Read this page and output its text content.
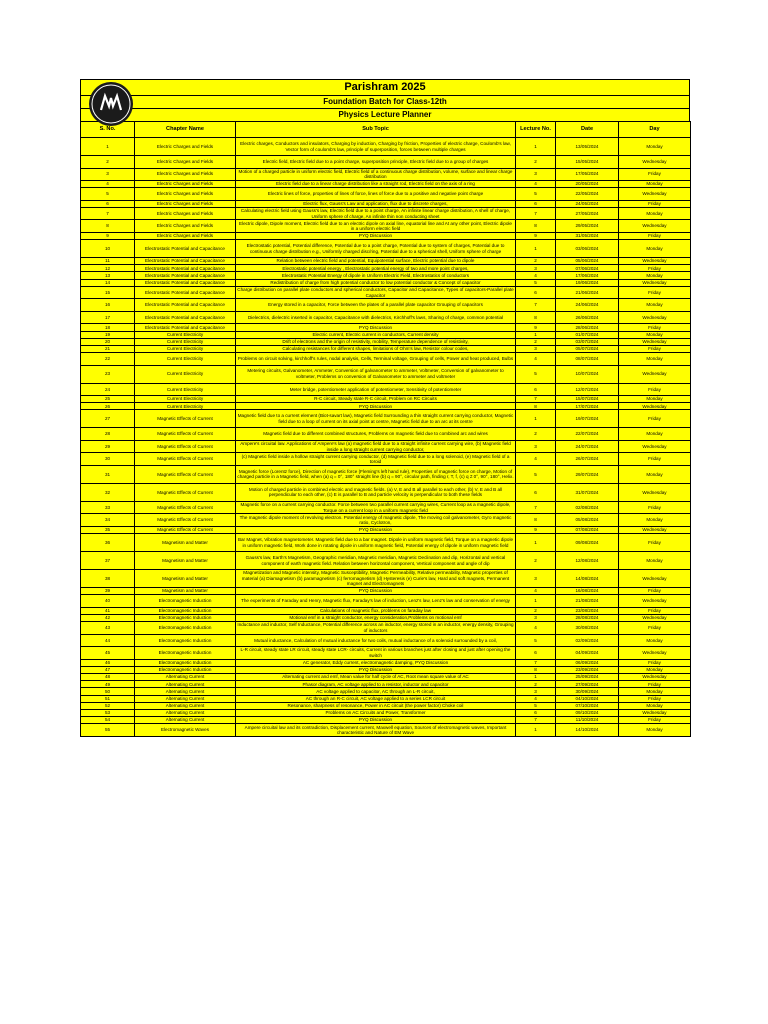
Parishram 2025
Foundation Batch for Class-12th
Physics Lecture Planner
S. No.	Chapter Name	Sub Topic	Lecture No.	Date	Day
1	Electric Charges and Fields	Electric charges, Conductors and insulators, Charging by induction, Charging by friction, Properties of electric charge, Coulomb's law, Vector form of coulomb's law, principle of superposition, forces between multiple charges	1	13/05/2024	Monday
2	Electric Charges and Fields	Electric field, Electric field due to a point charge, superposition principle, Electric field due to a group of charges	2	15/05/2024	Wednesday
3	Electric Charges and Fields	Motion of a charged particle in uniform electric field, Electric field of a continuous charge distribution, volume, surface and linear charge distribution	3	17/05/2024	Friday
4	Electric Charges and Fields	Electric field due to a linear charge distribution like a straight rod, Electric field on the axis of a ring	4	20/05/2024	Monday
5	Electric Charges and Fields	Electric lines of force, properties of lines of force, lines of force due to a positive and negative point charge	5	22/05/2024	Wednesday
6	Electric Charges and Fields	Electric flux, Gauss's Law and application, flux due to discrete charges,	6	24/05/2024	Friday
7	Electric Charges and Fields	Calculating electric field using Gauss's law, Electric field due to a point charge, An infinite linear charge distribution, A shell of charge, Uniform sphere of charge, An infinite thin non conducting sheet	7	27/05/2024	Monday
8	Electric Charges and Fields	Electric dipole, Dipole moment, Electric field due to an electric dipole on axial line, equatorial line and At any other point, Electric dipole in a uniform electric field	8	29/05/2024	Wednesday
9	Electric Charges and Fields	PYQ Discussion	9	31/05/2024	Friday
10	Electrostatic Potential and Capacitance	Electrostatic potential, Potential difference, Potential due to a point charge, Potential due to system of charges, Potential due to continuous charge distribution e.g., Uniformly charged disc/ring, Potential due to a spherical shell, Uniform sphere of charge	1	03/06/2024	Monday
11	Electrostatic Potential and Capacitance	Relation between electric field and potential, Equipotential surface, Electric potential due to dipole	2	05/06/2024	Wednesday
12	Electrostatic Potential and Capacitance	Electrostatic potential energy , Electrostatic potential energy of two and more point charges,	3	07/06/2024	Friday
13	Electrostatic Potential and Capacitance	Electrostatic Potential Energy of dipole in Uniform Electric Field, Electrostatics of conductors	4	17/06/2024	Monday
14	Electrostatic Potential and Capacitance	Redistribution of charge from high potential conductor to low potential conductor & Concept of capacitor	5	19/06/2024	Wednesday
15	Electrostatic Potential and Capacitance	Charge distribution on parallel plate conductors and spherical conductors, Capacitor and Capacitance, Types of capacitors-Parallel plate Capacitor	6	21/06/2024	Friday
16	Electrostatic Potential and Capacitance	Energy stored in a capacitor, Force between the plates of a parallel plate capacitor Grouping of capacitors	7	24/06/2024	Monday
17	Electrostatic Potential and Capacitance	Dielectrics, dielectric inserted in capacitor, Capacitance with dielectrics, Kirchhoff's laws, Sharing of charge, common potential	8	26/06/2024	Wednesday
18	Electrostatic Potential and Capacitance	PYQ Discussion	9	28/06/2024	Friday
19	Current Electricity	Electric current, Electric current in conductors, Current density	1	01/07/2024	Monday
20	Current Electricity	Drift of electrons and the origin of resistivity, mobility, Temperature dependence of resistivity,	2	03/07/2024	Wednesday
21	Current Electricity	Calculating resistances for different shapes, limitations of Ohm's law, Resistor colour codes,	3	05/07/2024	Friday
22	Current Electricity	Problems on circuit solving, kirchhoff's rules, nodal analysis, Cells, Terminal voltage, Grouping of cells, Power and heat produced, Bulbs	4	08/07/2024	Monday
23	Current Electricity	Metering circuits, Galvanometer, Ammeter, Conversion of galvanometer to ammeter, Voltmeter, Conversion of galvanometer to voltmeter, Problems on conversion of Galvanometer to ammeter and voltmeter	5	10/07/2024	Wednesday
24	Current Electricity	Meter bridge, potentiometer application of potentiometer, Sensitivity of potentiometer	6	12/07/2024	Friday
25	Current Electricity	R-C circuit, Steady state R-C circuit, Problem on RC Circuits	7	15/07/2024	Monday
26	Current Electricity	PYQ Discussion	8	17/07/2024	Wednesday
27	Magnetic Effects of Current	Magnetic field due to a current element (Biot-savart law), Magnetic field Surrounding a thin straight current carrying conductor, Magnetic field due to a loop of current on its axial point at centre, Magnetic field due to an arc at its centre	1	19/07/2024	Friday
28	Magnetic Effects of Current	Magnetic field due to different combined structures, Problems on magnetic field due to combined arc and wires	2	22/07/2024	Monday
29	Magnetic Effects of Current	Ampere's circuital law. Applications of Ampere's law (a) magnetic field due to a straight infinite current carrying wire, (b) Magnetic field inside a long straight current carrying conductor,	3	24/07/2024	Wednesday
30	Magnetic Effects of Current	(c) Magnetic field inside a hollow straight current carrying conductor, (d) Magnetic field due to a long solenoid, (e) Magnetic field of a toroid	4	26/07/2024	Friday
31	Magnetic Effects of Current	Magnetic force (Lorentz force), Direction of magnetic force (Fleming's left hand rule), Properties of magnetic force on charge, Motion of charged particle in a Magnetic field, when (a) q = 0°, 180° straight line (b) q = 90°, circular path, finding r, T, f, (c) q ≠ 0°, 90°, 180°, Helix.	5	29/07/2024	Monday
32	Magnetic Effects of Current	Motion of charged particle in combined electric and magnetic fields. (a) V, E and B all parallel to each other, (b) V, E and B all perpendicular to each other, (c) E is parallel to B and particle velocity is perpendicular to both these fields	6	31/07/2024	Wednesday
33	Magnetic Effects of Current	Magnetic force on a current carrying conductor. Force between two parallel current carrying wires, Current loop as a magnetic dipole, Torque on a current loop in a uniform magnetic field	7	02/08/2024	Friday
34	Magnetic Effects of Current	The magnetic dipole moment of revolving electron. Potential energy of magnetic dipole, The moving coil galvanometer, Gyro magnetic ratio, Cyclotron,	8	05/08/2024	Monday
35	Magnetic Effects of Current	PYQ Discussion	9	07/08/2024	Wednesday
36	Magnetism and Matter	Bar Magnet, Vibration magnetometer. Magnetic field due to a bar magnet. Dipole in uniform magnetic field, Torque on a magnetic dipole in uniform magnetic field, Work done in rotating dipole in uniform magnetic field, Potential energy of dipole in uniform magnetic field	1	09/08/2024	Friday
37	Magnetism and Matter	Gauss's law, Earth's Magnetism, Geographic meridian, Magnetic meridian, Magnetic Declination and dip, Horizontal and vertical component of earth magnetic field. Relation between horizontal component, Vertical component and angle of dip	2	12/08/2024	Monday
38	Magnetism and Matter	Magnetization and Magnetic intensity, Magnetic Susceptibility, Magnetic Permeability, Relative permeability, Magnetic properties of material (a) Diamagnetism (b) paramagnetism (c) ferromagnetism (d) Hysteresis (e) Curie's law, Hard and soft magnets, Permanent magnet and Electromagnets	3	14/08/2024	Wednesday
39	Magnetism and Matter	PYQ Discussion	4	16/08/2024	Friday
40	Electromagnetic Induction	The experiments of Faraday and Henry, Magnetic flux, Faraday's law of induction, Lenz's law, Lenz's law and conservation of energy	1	21/08/2024	Wednesday
41	Electromagnetic Induction	Calculations of magnetic flux, problems on faraday law	2	23/08/2024	Friday
42	Electromagnetic Induction	Motional emf in a straight conductor, energy consideration,Problems on motional emf	3	28/08/2024	Wednesday
43	Electromagnetic Induction	Inductance and inductor, Self Inductance, Potential difference across an inductor, energy stored in an inductor, energy density, Grouping of inductors	4	30/08/2024	Friday
44	Electromagnetic Induction	Mutual inductance, Calculation of mutual inductance for two coils, mutual inductance of a solenoid surrounded by a coil,	5	02/09/2024	Monday
45	Electromagnetic Induction	L-R circuit, steady state LR circuit, steady state LCR- circuits, Current in various branches just after closing and just after opening the switch	6	04/09/2024	Wednesday
46	Electromagnetic Induction	AC generator, Eddy current, electromagnetic damping, PYQ Discussion	7	06/09/2024	Friday
47	Electromagnetic Induction	PYQ Discussion	8	23/09/2024	Monday
48	Alternating Current	Alternating current and emf, Mean value for half cycle of AC, Root mean square value of AC	1	25/09/2024	Wednesday
49	Alternating Current	Phasor diagram, AC voltage applied to a resistor, inductor and capacitor	2	27/09/2024	Friday
50	Alternating Current	AC voltage applied to capacitor, AC through an L-R circuit,	3	30/09/2024	Monday
51	Alternating Current	AC through an R-C circuit, AC voltage applied to a series LCR circuit	4	04/10/2024	Friday
52	Alternating Current	Resonance, sharpness of resonance, Power in AC circuit (the power factor) Choke coil	5	07/10/2024	Monday
53	Alternating Current	Problems on AC Circuits and Power, Transformer	6	09/10/2024	Wednesday
54	Alternating Current	PYQ Discussion	7	11/10/2024	Friday
55	Electromagnetic Waves	Ampere circuital law and its contradiction, Displacement current, Maxwell equation, Sources of electromagnetic waves, Important characteristic and Nature of EM Wave	1	14/10/2024	Monday
